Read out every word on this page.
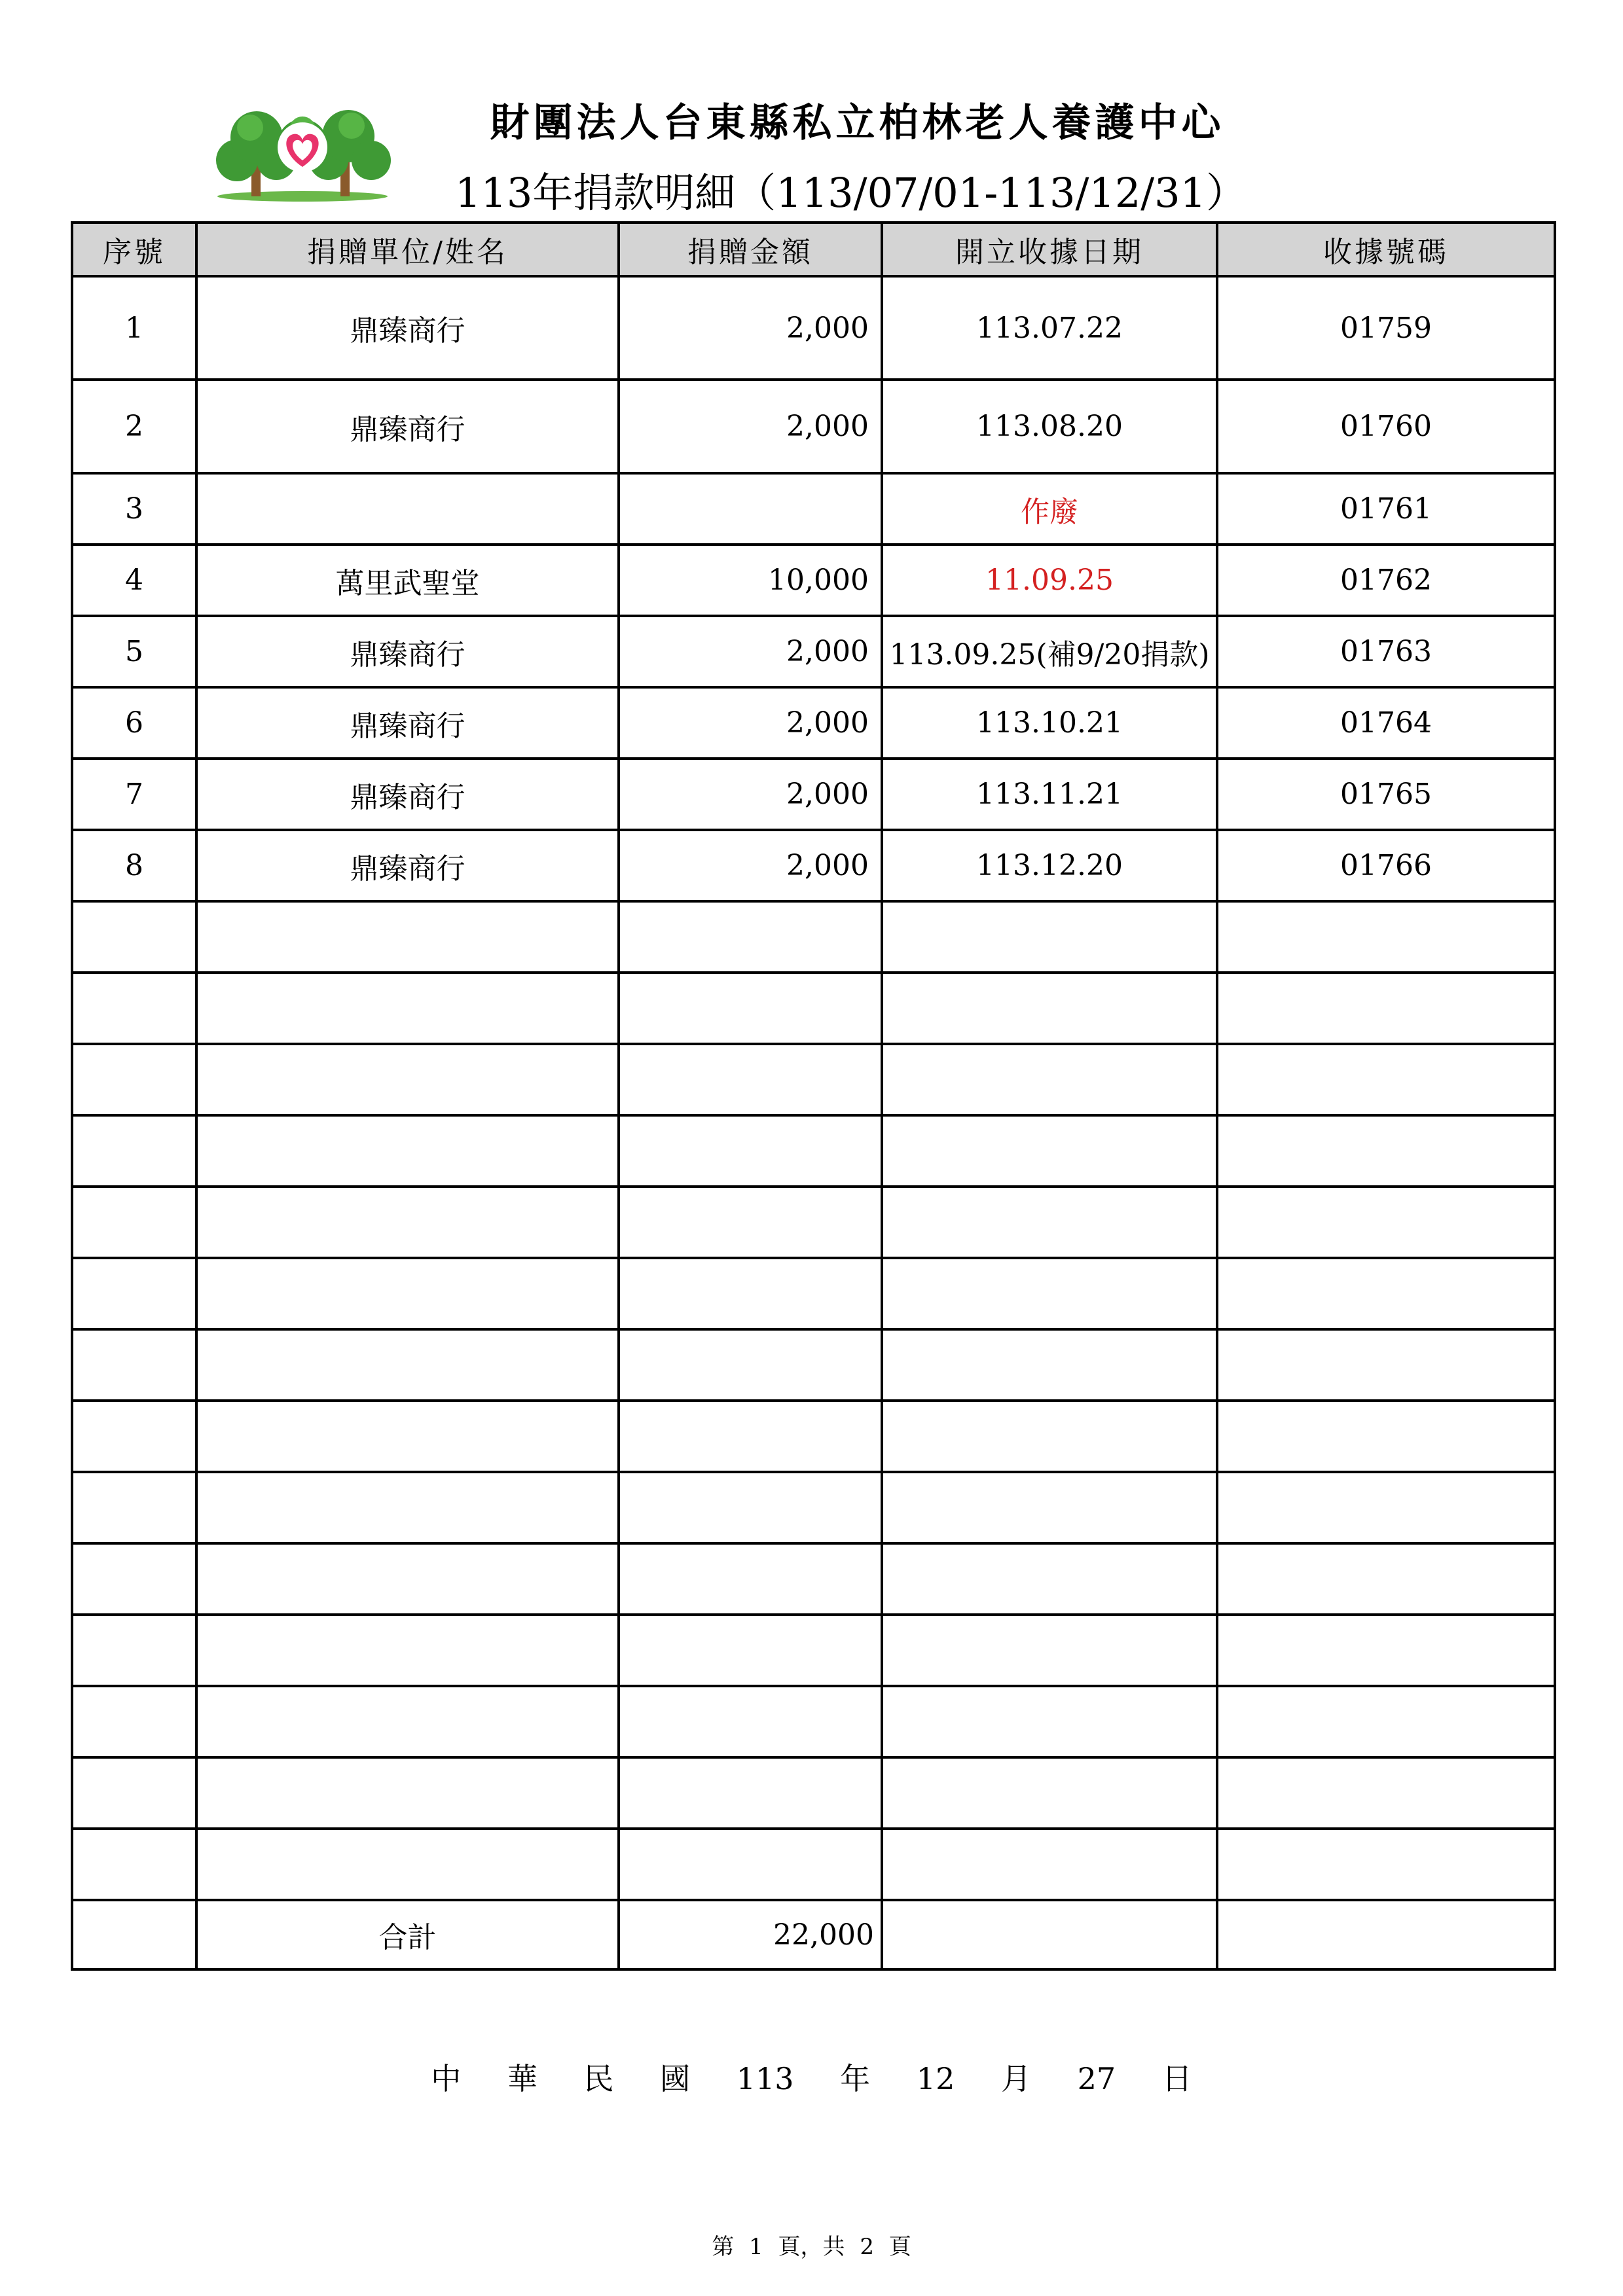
財團法人台東縣私立柏林老人養護中心
113年捐款明細（113/07/01-113/12/31）
序號	捐贈單位/姓名	捐贈金額	開立收據日期	收據號碼
1	鼎臻商行	2,000	113.07.22	01759
2	鼎臻商行	2,000	113.08.20	01760
3			作廢	01761
4	萬里武聖堂	10,000	11.09.25	01762
5	鼎臻商行	2,000	113.09.25(補9/20捐款)	01763
6	鼎臻商行	2,000	113.10.21	01764
7	鼎臻商行	2,000	113.11.21	01765
8	鼎臻商行	2,000	113.12.20	01766

	合計	22,000		
中 華 民 國 113 年 12 月 27 日
第 1 頁，共 2 頁
